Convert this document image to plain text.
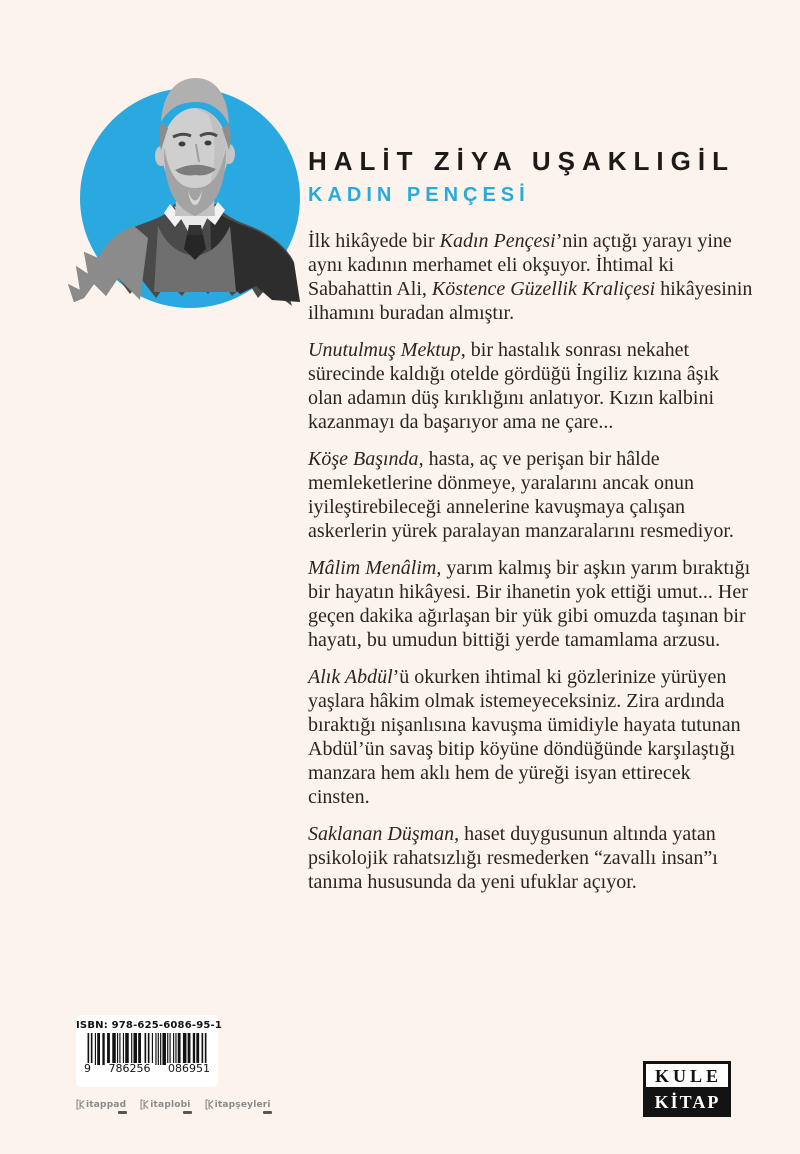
HALİT ZİYA UŞAKLIGİL
KADIN PENÇESİ

İlk hikâyede bir Kadın Pençesi’nin açtığı yarayı yine aynı kadının merhamet eli okşuyor. İhtimal ki Sabahattin Ali, Köstence Güzellik Kraliçesi hikâyesinin ilhamını buradan almıştır.

Unutulmuş Mektup, bir hastalık sonrası nekahet sürecinde kaldığı otelde gördüğü İngiliz kızına âşık olan adamın düş kırıklığını anlatıyor. Kızın kalbini kazanmayı da başarıyor ama ne çare...

Köşe Başında, hasta, aç ve perişan bir hâlde memleketlerine dönmeye, yaralarını ancak onun iyileştirebileceği annelerine kavuşmaya çalışan askerlerin yürek paralayan manzaralarını resmediyor.

Mâlim Menâlim, yarım kalmış bir aşkın yarım bıraktığı bir hayatın hikâyesi. Bir ihanetin yok ettiği umut... Her geçen dakika ağırlaşan bir yük gibi omuzda taşınan bir hayatı, bu umudun bittiği yerde tamamlama arzusu.

Alık Abdül’ü okurken ihtimal ki gözlerinize yürüyen yaşlara hâkim olmak istemeyeceksiniz. Zira ardında bıraktığı nişanlısına kavuşma ümidiyle hayata tutunan Abdül’ün savaş bitip köyüne döndüğünde karşılaştığı manzara hem aklı hem de yüreği isyan ettirecek cinsten.

Saklanan Düşman, haset duygusunun altında yatan psikolojik rahatsızlığı resmederken “zavallı insan”ı tanıma hususunda da yeni ufuklar açıyor.

ISBN: 978-625-6086-95-1
9 786256 086951
itappad	itaplobi	itapşeyleri
KULE
KİTAP
